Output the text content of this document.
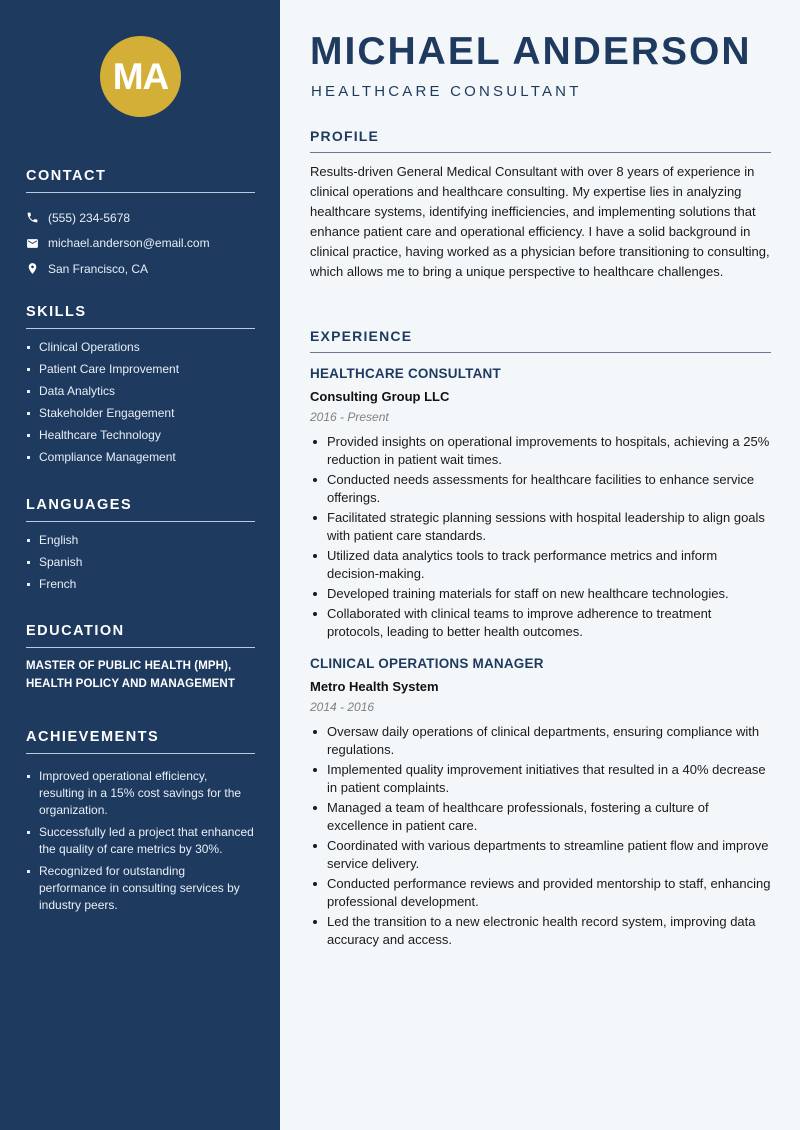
MA
CONTACT
(555) 234-5678
michael.anderson@email.com
San Francisco, CA
SKILLS
Clinical Operations
Patient Care Improvement
Data Analytics
Stakeholder Engagement
Healthcare Technology
Compliance Management
LANGUAGES
English
Spanish
French
EDUCATION
MASTER OF PUBLIC HEALTH (MPH),
HEALTH POLICY AND MANAGEMENT
ACHIEVEMENTS
Improved operational efficiency, resulting in a 15% cost savings for the organization.
Successfully led a project that enhanced the quality of care metrics by 30%.
Recognized for outstanding performance in consulting services by industry peers.
MICHAEL ANDERSON
HEALTHCARE CONSULTANT
PROFILE

Results-driven General Medical Consultant with over 8 years of experience in clinical operations and healthcare consulting. My expertise lies in analyzing healthcare systems, identifying inefficiencies, and implementing solutions that enhance patient care and operational efficiency. I have a solid background in clinical practice, having worked as a physician before transitioning to consulting, which allows me to bring a unique perspective to healthcare challenges.

EXPERIENCE
HEALTHCARE CONSULTANT
Consulting Group LLC
2016 - Present
Provided insights on operational improvements to hospitals, achieving a 25% reduction in patient wait times.
Conducted needs assessments for healthcare facilities to enhance service offerings.
Facilitated strategic planning sessions with hospital leadership to align goals with patient care standards.
Utilized data analytics tools to track performance metrics and inform decision-making.
Developed training materials for staff on new healthcare technologies.
Collaborated with clinical teams to improve adherence to treatment protocols, leading to better health outcomes.
CLINICAL OPERATIONS MANAGER
Metro Health System
2014 - 2016
Oversaw daily operations of clinical departments, ensuring compliance with regulations.
Implemented quality improvement initiatives that resulted in a 40% decrease in patient complaints.
Managed a team of healthcare professionals, fostering a culture of excellence in patient care.
Coordinated with various departments to streamline patient flow and improve service delivery.
Conducted performance reviews and provided mentorship to staff, enhancing professional development.
Led the transition to a new electronic health record system, improving data accuracy and access.
